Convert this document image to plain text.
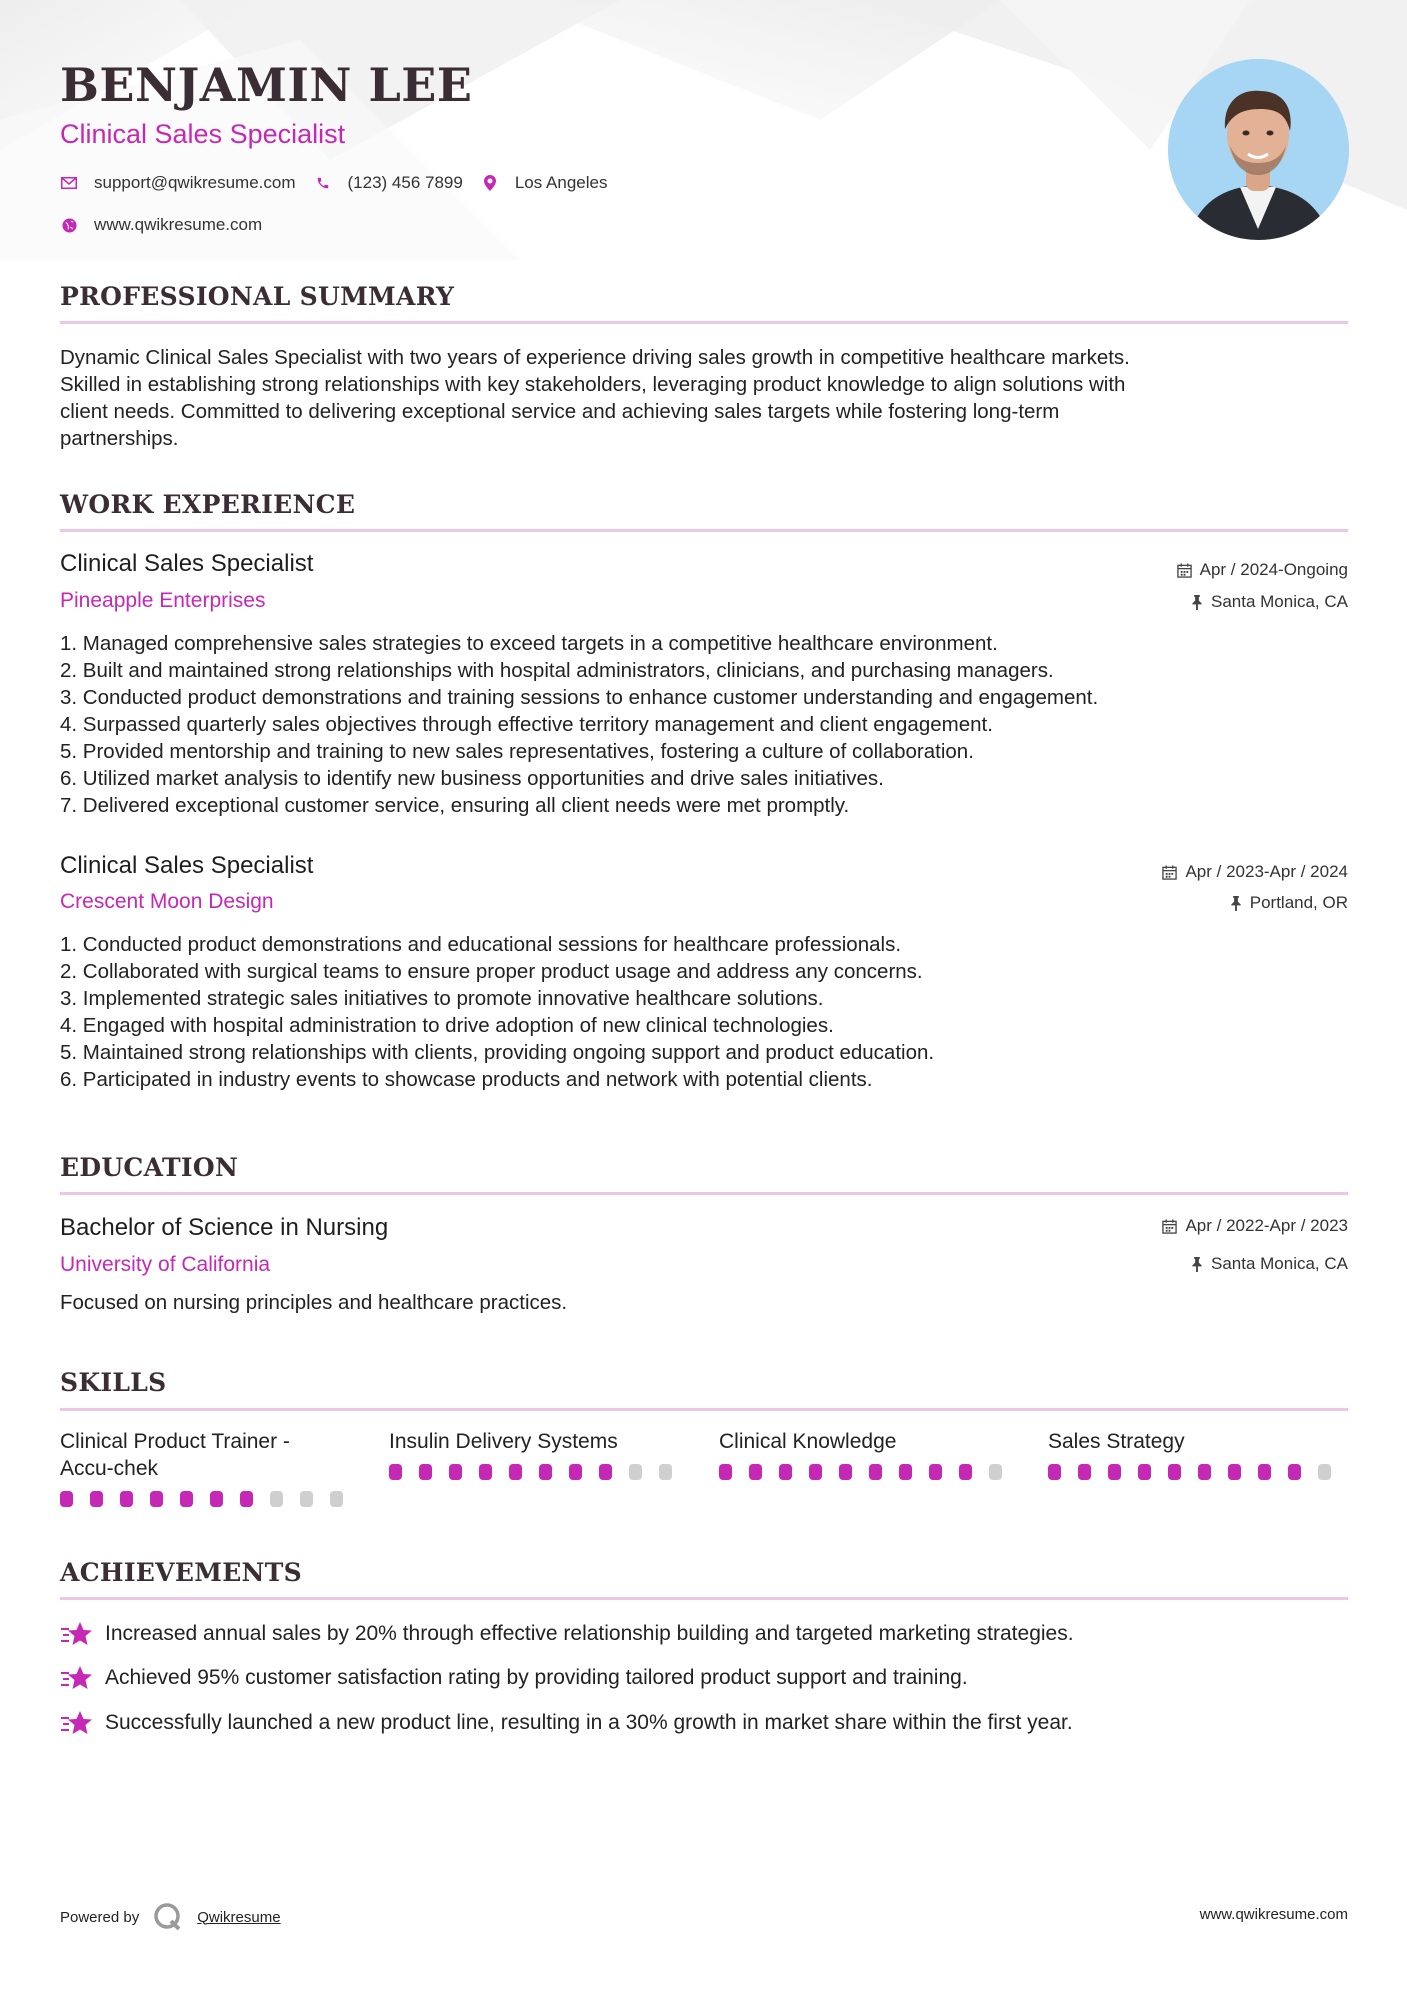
BENJAMIN LEE
Clinical Sales Specialist
support@qwikresume.com	(123) 456 7899	Los Angeles
www.qwikresume.com
PROFESSIONAL SUMMARY
Dynamic Clinical Sales Specialist with two years of experience driving sales growth in competitive healthcare markets.
Skilled in establishing strong relationships with key stakeholders, leveraging product knowledge to align solutions with
client needs. Committed to delivering exceptional service and achieving sales targets while fostering long-term
partnerships.
WORK EXPERIENCE
Clinical Sales Specialist
Pineapple Enterprises
Apr / 2024-Ongoing
Santa Monica, CA
1. Managed comprehensive sales strategies to exceed targets in a competitive healthcare environment.
2. Built and maintained strong relationships with hospital administrators, clinicians, and purchasing managers.
3. Conducted product demonstrations and training sessions to enhance customer understanding and engagement.
4. Surpassed quarterly sales objectives through effective territory management and client engagement.
5. Provided mentorship and training to new sales representatives, fostering a culture of collaboration.
6. Utilized market analysis to identify new business opportunities and drive sales initiatives.
7. Delivered exceptional customer service, ensuring all client needs were met promptly.
Clinical Sales Specialist
Crescent Moon Design
Apr / 2023-Apr / 2024
Portland, OR
1. Conducted product demonstrations and educational sessions for healthcare professionals.
2. Collaborated with surgical teams to ensure proper product usage and address any concerns.
3. Implemented strategic sales initiatives to promote innovative healthcare solutions.
4. Engaged with hospital administration to drive adoption of new clinical technologies.
5. Maintained strong relationships with clients, providing ongoing support and product education.
6. Participated in industry events to showcase products and network with potential clients.
EDUCATION
Bachelor of Science in Nursing
University of California
Apr / 2022-Apr / 2023
Santa Monica, CA
Focused on nursing principles and healthcare practices.
SKILLS
Clinical Product Trainer -
Accu-chek
Insulin Delivery Systems	Clinical Knowledge	Sales Strategy
ACHIEVEMENTS
Increased annual sales by 20% through effective relationship building and targeted marketing strategies.
Achieved 95% customer satisfaction rating by providing tailored product support and training.
Successfully launched a new product line, resulting in a 30% growth in market share within the first year.
Powered by	Qwikresume	www.qwikresume.com
